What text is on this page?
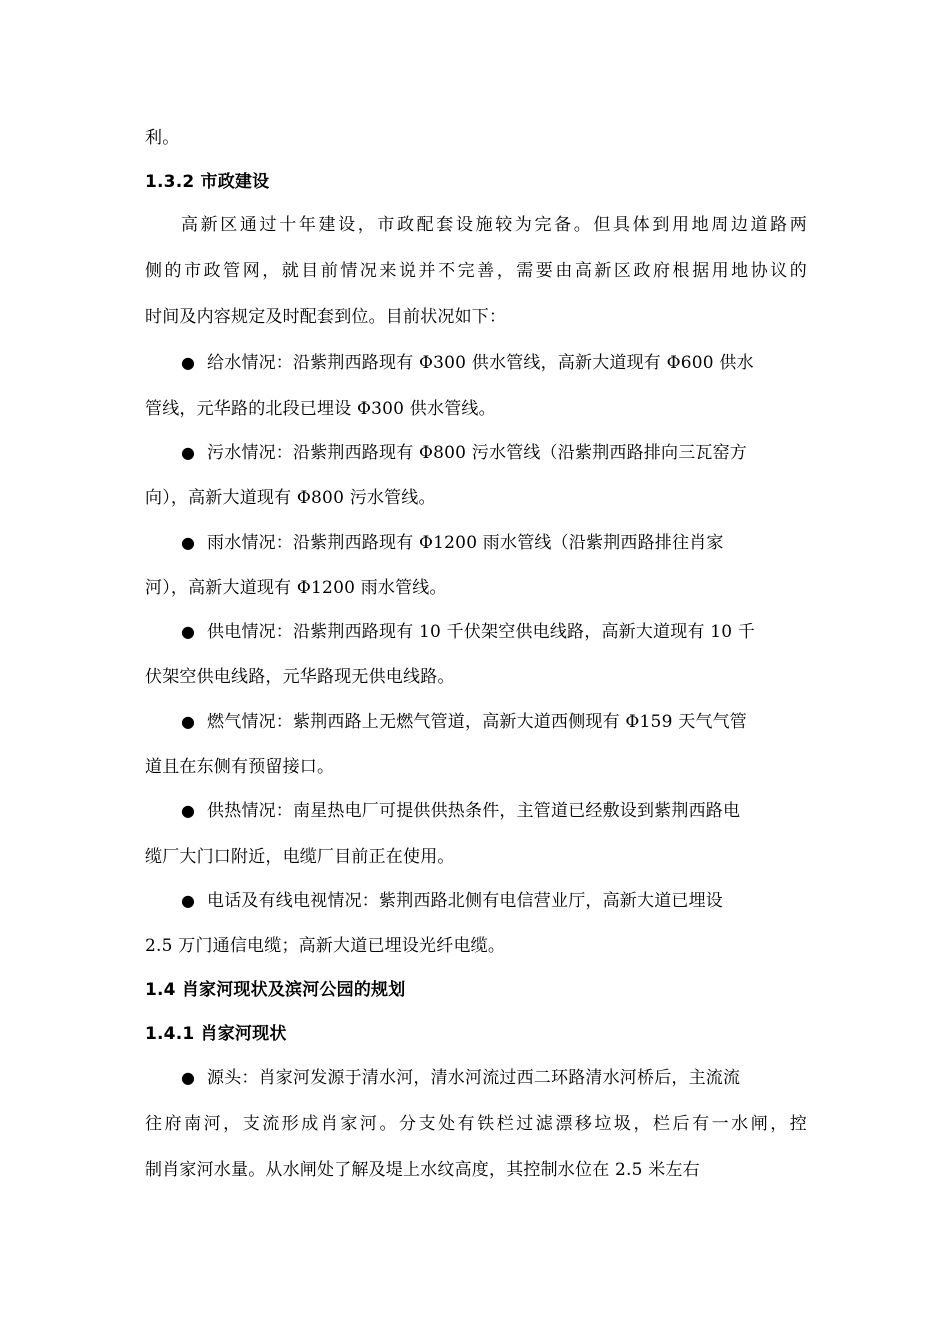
利。
1.3.2 市政建设
高新区通过十年建设，市政配套设施较为完备。但具体到用地周边道路两
侧的市政管网，就目前情况来说并不完善，需要由高新区政府根据用地协议的
时间及内容规定及时配套到位。目前状况如下：
● 给水情况：沿紫荆西路现有 Φ300 供水管线，高新大道现有 Φ600 供水
管线，元华路的北段已埋设 Φ300 供水管线。
● 污水情况：沿紫荆西路现有 Φ800 污水管线（沿紫荆西路排向三瓦窑方
向），高新大道现有 Φ800 污水管线。
● 雨水情况：沿紫荆西路现有 Φ1200 雨水管线（沿紫荆西路排往肖家
河），高新大道现有 Φ1200 雨水管线。
● 供电情况：沿紫荆西路现有 10 千伏架空供电线路，高新大道现有 10 千
伏架空供电线路，元华路现无供电线路。
● 燃气情况：紫荆西路上无燃气管道，高新大道西侧现有 Φ159 天气气管
道且在东侧有预留接口。
● 供热情况：南星热电厂可提供供热条件，主管道已经敷设到紫荆西路电
缆厂大门口附近，电缆厂目前正在使用。
● 电话及有线电视情况：紫荆西路北侧有电信营业厅，高新大道已埋设
2.5 万门通信电缆；高新大道已埋设光纤电缆。
1.4 肖家河现状及滨河公园的规划
1.4.1 肖家河现状
● 源头：肖家河发源于清水河，清水河流过西二环路清水河桥后，主流流
往府南河，支流形成肖家河。分支处有铁栏过滤漂移垃圾，栏后有一水闸，控
制肖家河水量。从水闸处了解及堤上水纹高度，其控制水位在 2.5 米左右
